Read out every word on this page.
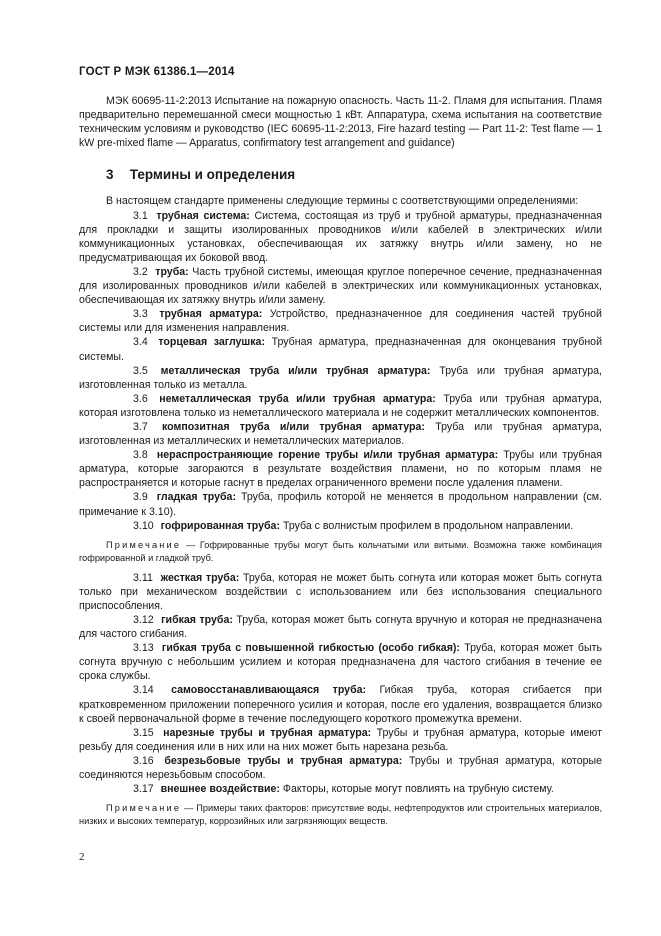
ГОСТ Р МЭК 61386.1—2014

МЭК 60695-11-2:2013 Испытание на пожарную опасность. Часть 11-2. Пламя для испытания. Пламя предварительно перемешанной смеси мощностью 1 кВт. Аппаратура, схема испытания на соответствие техническим условиям и руководство (IEC 60695-11-2:2013, Fire hazard testing — Part 11-2: Test flame — 1 kW pre-mixed flame — Apparatus, confirmatory test arrangement and guidance)

3 Термины и определения

В настоящем стандарте применены следующие термины с соответствующими определениями:

3.1 трубная система: Система, состоящая из труб и трубной арматуры, предназначенная для прокладки и защиты изолированных проводников и/или кабелей в электрических и/или коммуникационных установках, обеспечивающая их затяжку внутрь и/или замену, но не предусматривающая их боковой ввод.

3.2 труба: Часть трубной системы, имеющая круглое поперечное сечение, предназначенная для изолированных проводников и/или кабелей в электрических или коммуникационных установках, обеспечивающая их затяжку внутрь и/или замену.

3.3 трубная арматура: Устройство, предназначенное для соединения частей трубной системы или для изменения направления.

3.4 торцевая заглушка: Трубная арматура, предназначенная для оконцевания трубной системы.

3.5 металлическая труба и/или трубная арматура: Труба или трубная арматура, изготовленная только из металла.

3.6 неметаллическая труба и/или трубная арматура: Труба или трубная арматура, которая изготовлена только из неметаллического материала и не содержит металлических компонентов.

3.7 композитная труба и/или трубная арматура: Труба или трубная арматура, изготовленная из металлических и неметаллических материалов.

3.8 нераспространяющие горение трубы и/или трубная арматура: Трубы или трубная арматура, которые загораются в результате воздействия пламени, но по которым пламя не распространяется и которые гаснут в пределах ограниченного времени после удаления пламени.

3.9 гладкая труба: Труба, профиль которой не меняется в продольном направлении (см. примечание к 3.10).

3.10 гофрированная труба: Труба с волнистым профилем в продольном направлении.

Примечание — Гофрированные трубы могут быть кольчатыми или витыми. Возможна также комбинация гофрированной и гладкой труб.

3.11 жесткая труба: Труба, которая не может быть согнута или которая может быть согнута только при механическом воздействии с использованием или без использования специального приспособления.

3.12 гибкая труба: Труба, которая может быть согнута вручную и которая не предназначена для частого сгибания.

3.13 гибкая труба с повышенной гибкостью (особо гибкая): Труба, которая может быть согнута вручную с небольшим усилием и которая предназначена для частого сгибания в течение ее срока службы.

3.14 самовосстанавливающаяся труба: Гибкая труба, которая сгибается при кратковременном приложении поперечного усилия и которая, после его удаления, возвращается близко к своей первоначальной форме в течение последующего короткого промежутка времени.

3.15 нарезные трубы и трубная арматура: Трубы и трубная арматура, которые имеют резьбу для соединения или в них или на них может быть нарезана резьба.

3.16 безрезьбовые трубы и трубная арматура: Трубы и трубная арматура, которые соединяются нерезьбовым способом.

3.17 внешнее воздействие: Факторы, которые могут повлиять на трубную систему.

Примечание — Примеры таких факторов: присутствие воды, нефтепродуктов или строительных материалов, низких и высоких температур, коррозийных или загрязняющих веществ.

2
